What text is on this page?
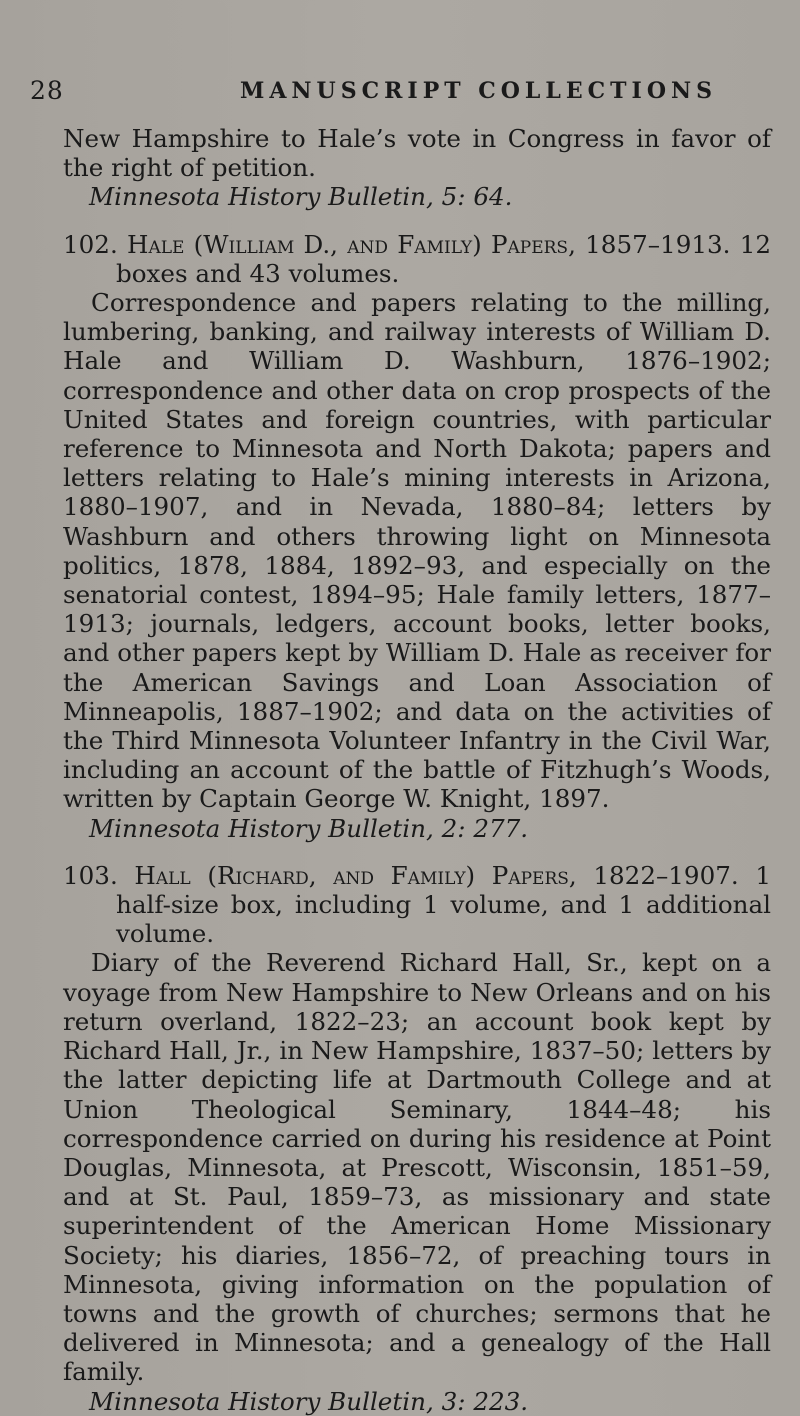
28	MANUSCRIPT COLLECTIONS

New Hampshire to Hale’s vote in Congress in favor of the right of petition.

Minnesota History Bulletin, 5: 64.

102. Hale (William D., and Family) Papers, 1857–1913. 12 boxes and 43 volumes.

Correspondence and papers relating to the milling, lumbering, banking, and railway interests of William D. Hale and William D. Washburn, 1876–1902; correspondence and other data on crop prospects of the United States and foreign countries, with particular reference to Minnesota and North Dakota; papers and letters relating to Hale’s mining interests in Arizona, 1880–1907, and in Nevada, 1880–84; letters by Washburn and others throwing light on Minnesota politics, 1878, 1884, 1892–93, and especially on the senatorial contest, 1894–95; Hale family letters, 1877–1913; journals, ledgers, account books, letter books, and other papers kept by William D. Hale as receiver for the American Savings and Loan Association of Minneapolis, 1887–1902; and data on the activities of the Third Minnesota Volunteer Infantry in the Civil War, including an account of the battle of Fitzhugh’s Woods, written by Captain George W. Knight, 1897.

Minnesota History Bulletin, 2: 277.

103. Hall (Richard, and Family) Papers, 1822–1907. 1 half-size box, including 1 volume, and 1 additional volume.

Diary of the Reverend Richard Hall, Sr., kept on a voyage from New Hampshire to New Orleans and on his return overland, 1822–23; an account book kept by Richard Hall, Jr., in New Hampshire, 1837–50; letters by the latter depicting life at Dartmouth College and at Union Theological Seminary, 1844–48; his correspondence carried on during his residence at Point Douglas, Minnesota, at Prescott, Wisconsin, 1851–59, and at St. Paul, 1859–73, as missionary and state superintendent of the American Home Missionary Society; his diaries, 1856–72, of preaching tours in Minnesota, giving information on the population of towns and the growth of churches; sermons that he delivered in Minnesota; and a genealogy of the Hall family.

Minnesota History Bulletin, 3: 223.
